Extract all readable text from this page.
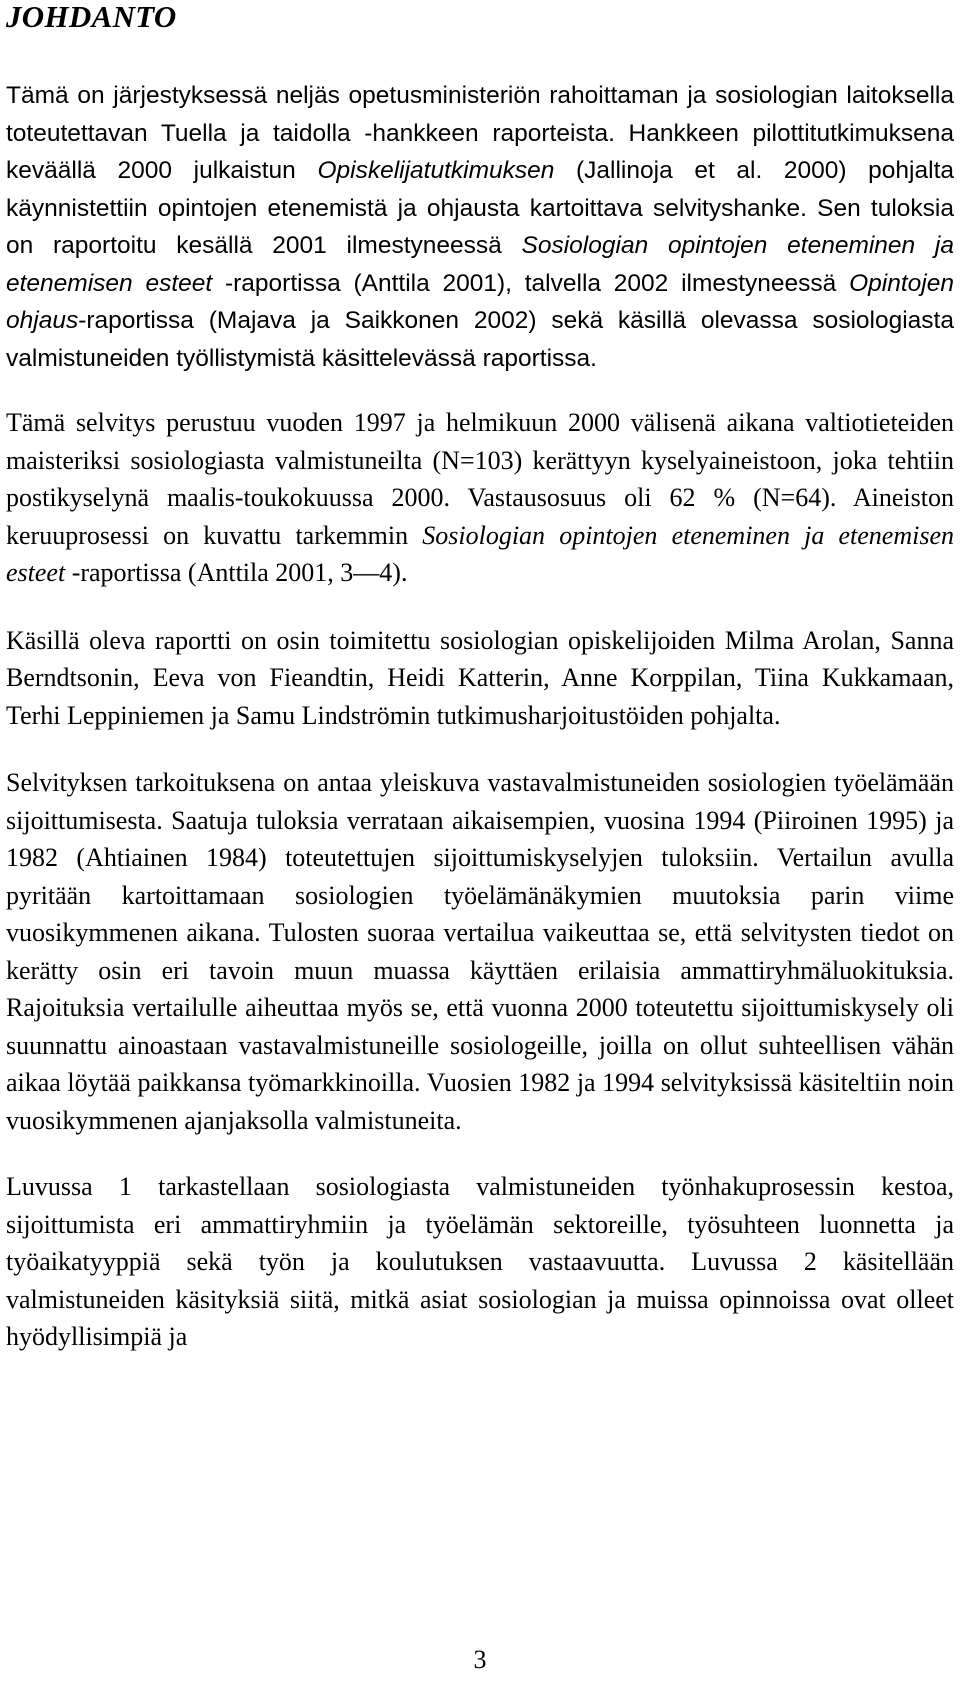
JOHDANTO

Tämä on järjestyksessä neljäs opetusministeriön rahoittaman ja sosiologian laitoksella toteutettavan Tuella ja taidolla -hankkeen raporteista. Hankkeen pilottitutkimuksena keväällä 2000 julkaistun Opiskelijatutkimuksen (Jallinoja et al. 2000) pohjalta käynnistettiin opintojen etenemistä ja ohjausta kartoittava selvityshanke. Sen tuloksia on raportoitu kesällä 2001 ilmestyneessä Sosiologian opintojen eteneminen ja etenemisen esteet -raportissa (Anttila 2001), talvella 2002 ilmestyneessä Opintojen ohjaus-raportissa (Majava ja Saikkonen 2002) sekä käsillä olevassa sosiologiasta valmistuneiden työllistymistä käsittelevässä raportissa.

Tämä selvitys perustuu vuoden 1997 ja helmikuun 2000 välisenä aikana valtiotieteiden maisteriksi sosiologiasta valmistuneilta (N=103) kerättyyn kyselyaineistoon, joka tehtiin postikyselynä maalis-toukokuussa 2000. Vastausosuus oli 62 % (N=64). Aineiston keruuprosessi on kuvattu tarkemmin Sosiologian opintojen eteneminen ja etenemisen esteet -raportissa (Anttila 2001, 3—4).

Käsillä oleva raportti on osin toimitettu sosiologian opiskelijoiden Milma Arolan, Sanna Berndtsonin, Eeva von Fieandtin, Heidi Katterin, Anne Korppilan, Tiina Kukkamaan, Terhi Leppiniemen ja Samu Lindströmin tutkimusharjoitustöiden pohjalta.

Selvityksen tarkoituksena on antaa yleiskuva vastavalmistuneiden sosiologien työelämään sijoittumisesta. Saatuja tuloksia verrataan aikaisempien, vuosina 1994 (Piiroinen 1995) ja 1982 (Ahtiainen 1984) toteutettujen sijoittumiskyselyjen tuloksiin. Vertailun avulla pyritään kartoittamaan sosiologien työelämänäkymien muutoksia parin viime vuosikymmenen aikana. Tulosten suoraa vertailua vaikeuttaa se, että selvitysten tiedot on kerätty osin eri tavoin muun muassa käyttäen erilaisia ammattiryhmäluokituksia. Rajoituksia vertailulle aiheuttaa myös se, että vuonna 2000 toteutettu sijoittumiskysely oli suunnattu ainoastaan vastavalmistuneille sosiologeille, joilla on ollut suhteellisen vähän aikaa löytää paikkansa työmarkkinoilla. Vuosien 1982 ja 1994 selvityksissä käsiteltiin noin vuosikymmenen ajanjaksolla valmistuneita.

Luvussa 1 tarkastellaan sosiologiasta valmistuneiden työnhakuprosessin kestoa, sijoittumista eri ammattiryhmiin ja työelämän sektoreille, työsuhteen luonnetta ja työaikatyyppiä sekä työn ja koulutuksen vastaavuutta. Luvussa 2 käsitellään valmistuneiden käsityksiä siitä, mitkä asiat sosiologian ja muissa opinnoissa ovat olleet hyödyllisimpiä ja

3
